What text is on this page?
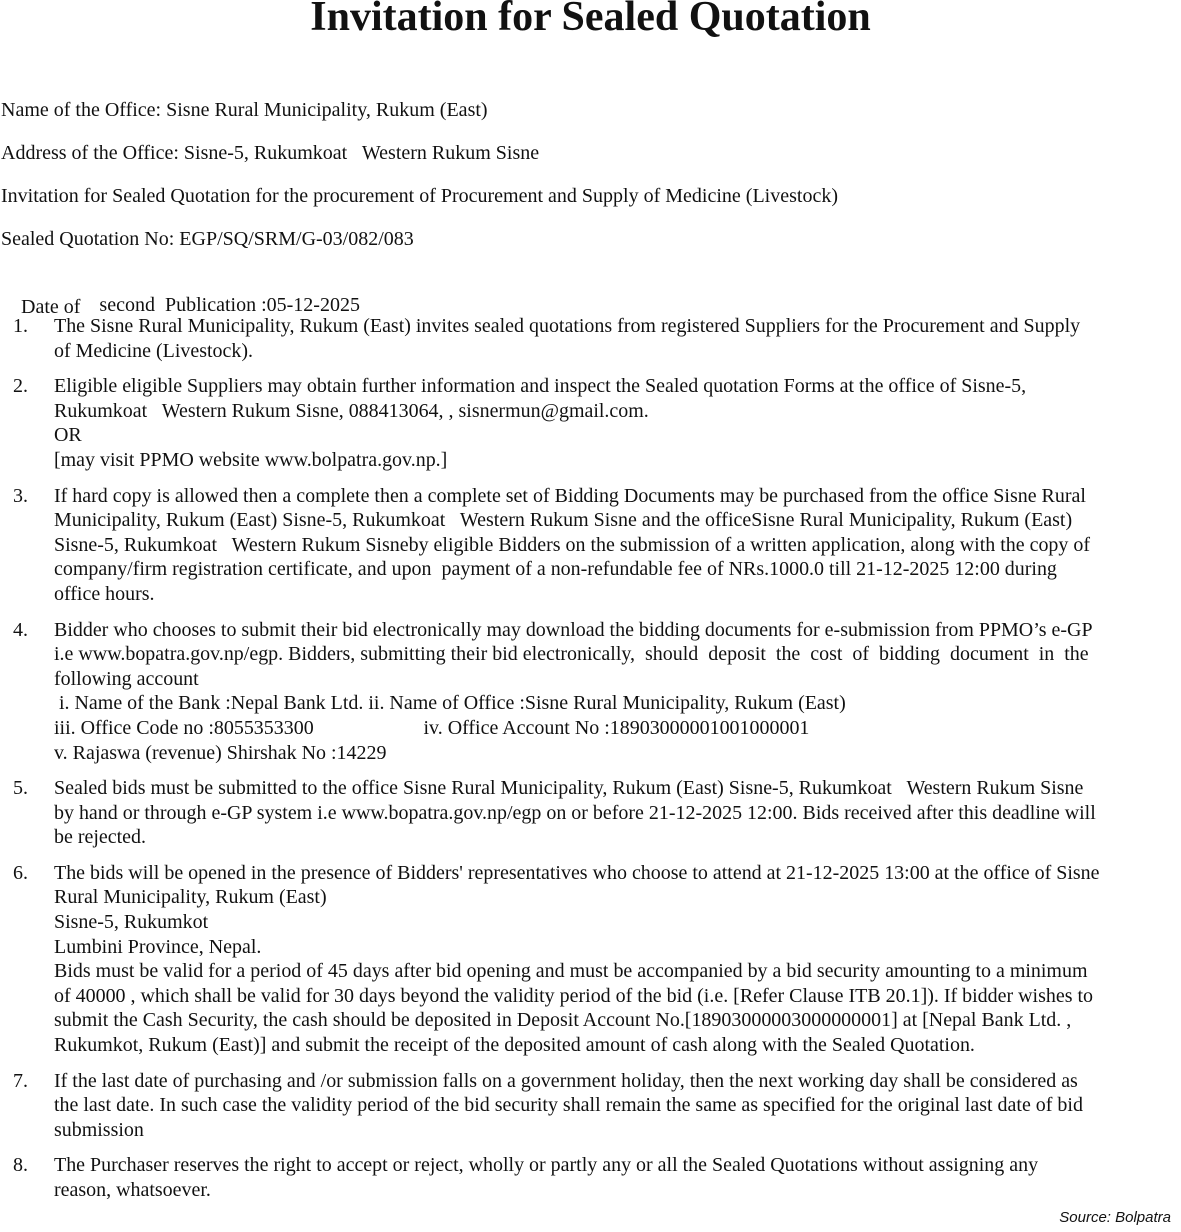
Invitation for Sealed Quotation
Name of the Office: Sisne Rural Municipality, Rukum (East)
Address of the Office: Sisne-5, Rukumkoat   Western Rukum Sisne
Invitation for Sealed Quotation for the procurement of Procurement and Supply of Medicine (Livestock)
Sealed Quotation No: EGP/SQ/SRM/G-03/082/083

Date of second  Publication :05-12-2025

1. The Sisne Rural Municipality, Rukum (East) invites sealed quotations from registered Suppliers for the Procurement and Supply
of Medicine (Livestock).
2. Eligible eligible Suppliers may obtain further information and inspect the Sealed quotation Forms at the office of Sisne-5,
Rukumkoat   Western Rukum Sisne, 088413064, , sisnermun@gmail.com.
OR
[may visit PPMO website www.bolpatra.gov.np.]
3. If hard copy is allowed then a complete then a complete set of Bidding Documents may be purchased from the office Sisne Rural
Municipality, Rukum (East) Sisne-5, Rukumkoat   Western Rukum Sisne and the officeSisne Rural Municipality, Rukum (East)
Sisne-5, Rukumkoat   Western Rukum Sisneby eligible Bidders on the submission of a written application, along with the copy of
company/firm registration certificate, and upon  payment of a non-refundable fee of NRs.1000.0 till 21-12-2025 12:00 during
office hours.
4. Bidder who chooses to submit their bid electronically may download the bidding documents for e-submission from PPMO’s e-GP
i.e www.bopatra.gov.np/egp. Bidders, submitting their bid electronically,  should  deposit  the  cost  of  bidding  document  in  the
following account
i. Name of the Bank :Nepal Bank Ltd. ii. Name of Office :Sisne Rural Municipality, Rukum (East)
iii. Office Code no :8055353300                      iv. Office Account No :18903000001001000001
v. Rajaswa (revenue) Shirshak No :14229
5. Sealed bids must be submitted to the office Sisne Rural Municipality, Rukum (East) Sisne-5, Rukumkoat   Western Rukum Sisne
by hand or through e-GP system i.e www.bopatra.gov.np/egp on or before 21-12-2025 12:00. Bids received after this deadline will
be rejected.
6. The bids will be opened in the presence of Bidders' representatives who choose to attend at 21-12-2025 13:00 at the office of Sisne
Rural Municipality, Rukum (East)
Sisne-5, Rukumkot
Lumbini Province, Nepal.
Bids must be valid for a period of 45 days after bid opening and must be accompanied by a bid security amounting to a minimum
of 40000 , which shall be valid for 30 days beyond the validity period of the bid (i.e. [Refer Clause ITB 20.1]). If bidder wishes to
submit the Cash Security, the cash should be deposited in Deposit Account No.[18903000003000000001] at [Nepal Bank Ltd. ,
Rukumkot, Rukum (East)] and submit the receipt of the deposited amount of cash along with the Sealed Quotation.
7. If the last date of purchasing and /or submission falls on a government holiday, then the next working day shall be considered as
the last date. In such case the validity period of the bid security shall remain the same as specified for the original last date of bid
submission
8. The Purchaser reserves the right to accept or reject, wholly or partly any or all the Sealed Quotations without assigning any
reason, whatsoever.
Source: Bolpatra
